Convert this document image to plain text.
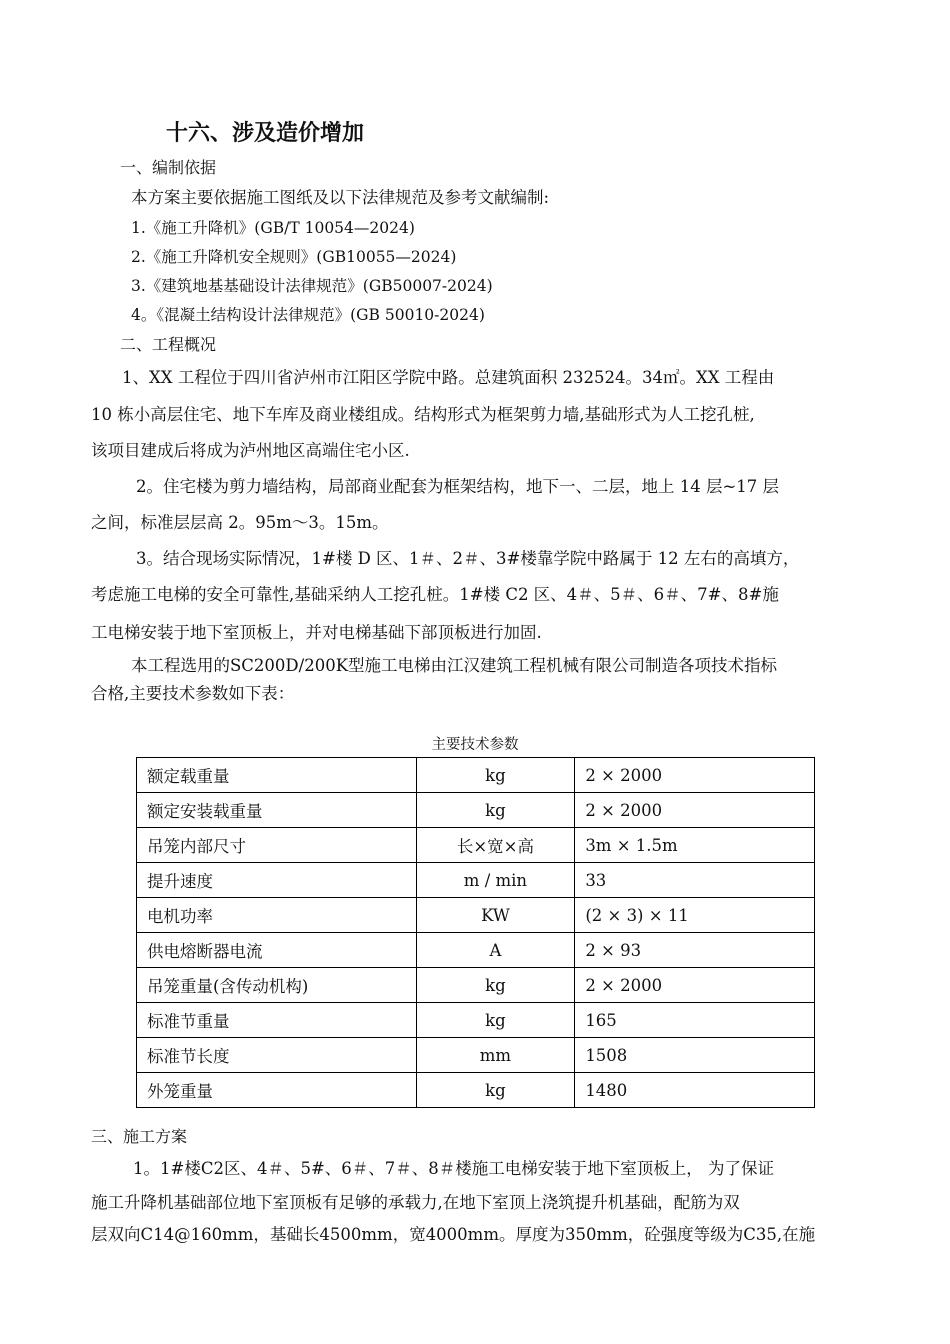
十六、涉及造价增加
一、编制依据
本方案主要依据施工图纸及以下法律规范及参考文献编制:
1.《施工升降机》(GB/T 10054—2024)
2.《施工升降机安全规则》(GB10055—2024)
3.《建筑地基基础设计法律规范》(GB50007-2024)
4。《混凝土结构设计法律规范》(GB 50010-2024)
二、工程概况
1、XX 工程位于四川省泸州市江阳区学院中路。总建筑面积 232524。34㎡。XX 工程由
10 栋小高层住宅、地下车库及商业楼组成。结构形式为框架剪力墙,基础形式为人工挖孔桩,
该项目建成后将成为泸州地区高端住宅小区.
2。住宅楼为剪力墙结构，局部商业配套为框架结构，地下一、二层，地上 14 层~17 层
之间，标准层层高 2。95m～3。15m。
3。结合现场实际情况，1#楼 D 区、1＃、2＃、3#楼靠学院中路属于 12 左右的高填方，
考虑施工电梯的安全可靠性,基础采纳人工挖孔桩。1#楼 C2 区、4＃、5＃、6＃、7#、8#施
工电梯安装于地下室顶板上，并对电梯基础下部顶板进行加固.
本工程选用的SC200D/200K型施工电梯由江汉建筑工程机械有限公司制造各项技术指标
合格,主要技术参数如下表：
主要技术参数
额定载重量	kg	2 × 2000
额定安装载重量	kg	2 × 2000
吊笼内部尺寸	长×宽×高	3m × 1.5m
提升速度	m / min	33
电机功率	KW	(2 × 3) × 11
供电熔断器电流	A	2 × 93
吊笼重量(含传动机构)	kg	2 × 2000
标准节重量	kg	165
标准节长度	mm	1508
外笼重量	kg	1480
三、施工方案
1。1#楼C2区、4＃、5#、6＃、7＃、8＃楼施工电梯安装于地下室顶板上， 为了保证
施工升降机基础部位地下室顶板有足够的承载力,在地下室顶上浇筑提升机基础，配筋为双
层双向C14@160mm，基础长4500mm，宽4000mm。厚度为350mm，砼强度等级为C35,在施
